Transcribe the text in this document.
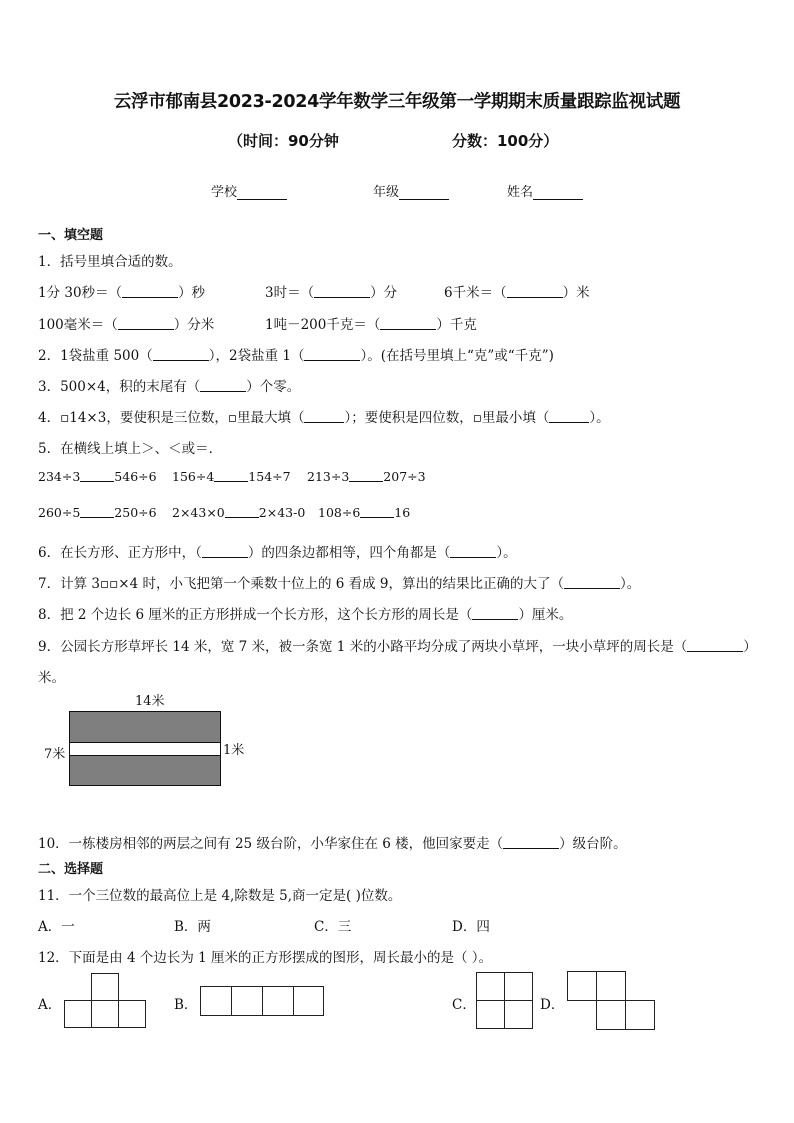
云浮市郁南县2023-2024学年数学三年级第一学期期末质量跟踪监视试题
（时间：90分钟	分数：100分）
学校	年级	姓名
一、填空题
1．括号里填合适的数。
1分 30秒＝（	）秒	3时＝（	）分	6千米＝（	）米
100毫米＝（	）分米	1吨－200千克＝（	）千克
2．1袋盐重 500（	），2袋盐重 1（	）。(在括号里填上“克”或“千克”)
3．500×4，积的末尾有（	）个零。
4．▫14×3，要使积是三位数，▫里最大填（	）；要使积是四位数，▫里最小填（	）。
5．在横线上填上＞、＜或＝．
234÷3	546÷6 156÷4	154÷7 213÷3	207÷3
260÷5	250÷6 2×43×0	2×43-0 108÷6	16
6．在长方形、正方形中，（	）的四条边都相等，四个角都是（	）。
7．计算 3▫▫×4 时，小飞把第一个乘数十位上的 6 看成 9，算出的结果比正确的大了（	）。
8．把 2 个边长 6 厘米的正方形拼成一个长方形，这个长方形的周长是（	）厘米。
9．公园长方形草坪长 14 米，宽 7 米，被一条宽 1 米的小路平均分成了两块小草坪，一块小草坪的周长是（	）
米。
14米
7米	1米
10．一栋楼房相邻的两层之间有 25 级台阶，小华家住在 6 楼，他回家要走（	）级台阶。
二、选择题
11．一个三位数的最高位上是 4,除数是 5,商一定是( )位数。
A．一	B．两	C．三	D．四
12．下面是由 4 个边长为 1 厘米的正方形摆成的图形，周长最小的是（ ）。
A．	B．	C．	D．
